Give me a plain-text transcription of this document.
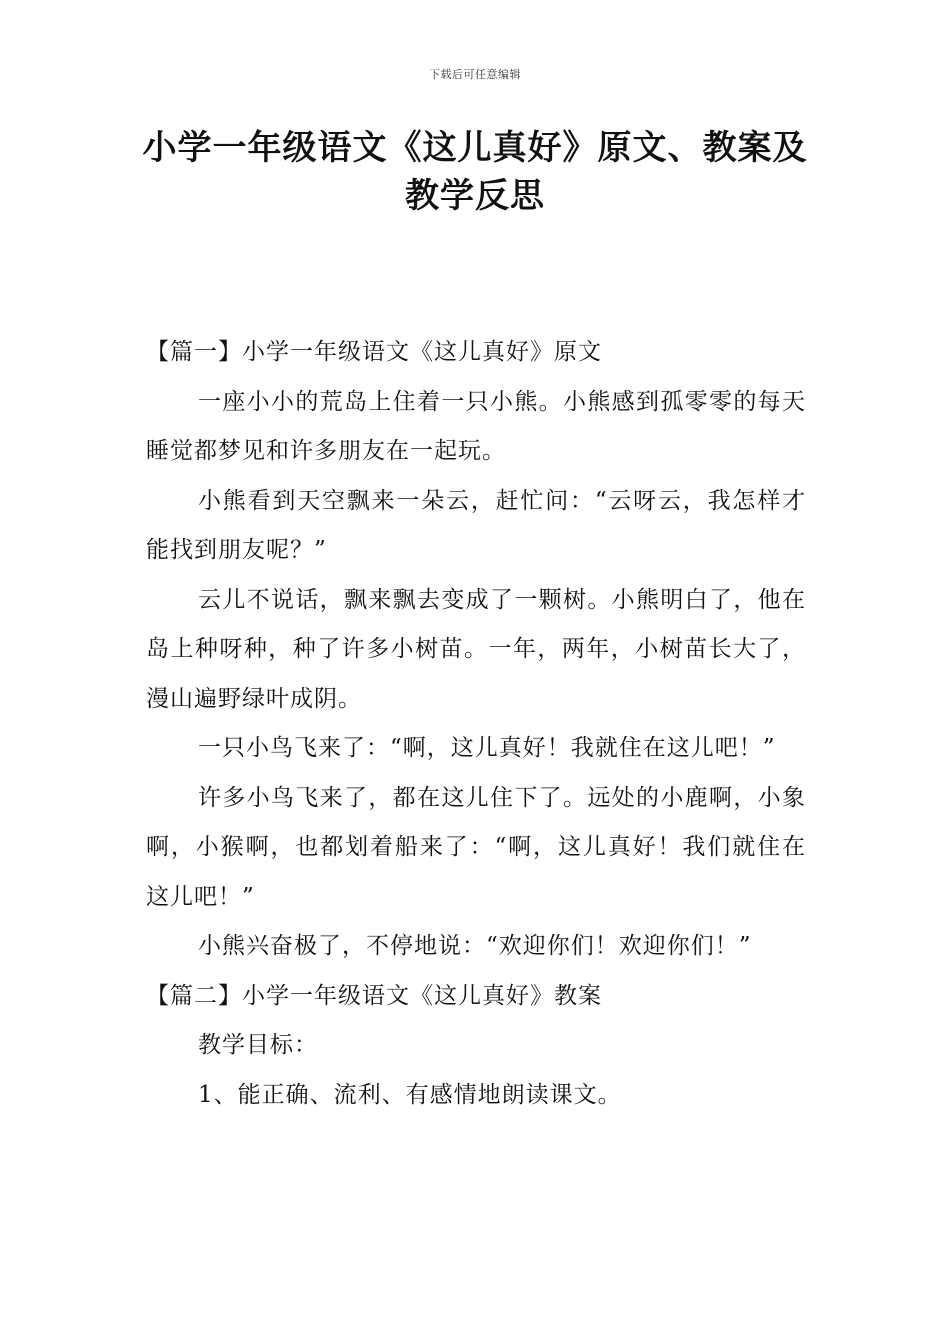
下载后可任意编辑
小学一年级语文《这儿真好》原文、教案及教学反思

【篇一】小学一年级语文《这儿真好》原文

一座小小的荒岛上住着一只小熊。小熊感到孤零零的每天睡觉都梦见和许多朋友在一起玩。

小熊看到天空飘来一朵云，赶忙问：“云呀云，我怎样才能找到朋友呢？”

云儿不说话，飘来飘去变成了一颗树。小熊明白了，他在岛上种呀种，种了许多小树苗。一年，两年，小树苗长大了，漫山遍野绿叶成阴。

一只小鸟飞来了：“啊，这儿真好！我就住在这儿吧！”

许多小鸟飞来了，都在这儿住下了。远处的小鹿啊，小象啊，小猴啊，也都划着船来了：“啊，这儿真好！我们就住在这儿吧！”

小熊兴奋极了，不停地说：“欢迎你们！欢迎你们！”

【篇二】小学一年级语文《这儿真好》教案

教学目标：

1、能正确、流利、有感情地朗读课文。
